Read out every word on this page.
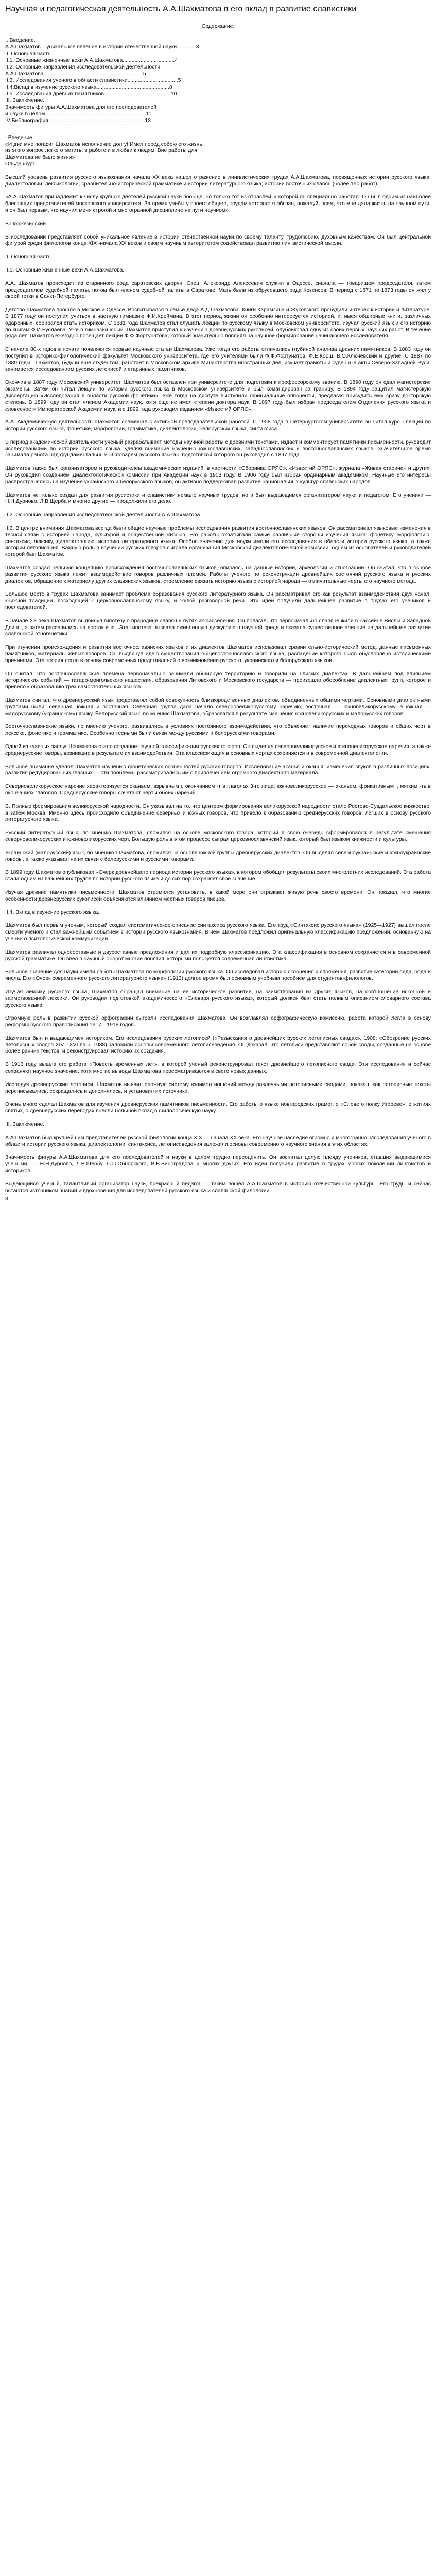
Научная и педагогическая деятельность А.А.Шахматова в его вклад в развитие славистики
Содержание.
I. Введение.
А.А.Шахматов – уникальное явление в истории отечественной науки.............3
II. Основная часть.
II.1. Основные жизненные вехи А.А.Шахматова...................................4
II.2. Основные направления исследовательской деятельности
А.А.Шахматова...................................................................5
II.3. Исследования ученого в области славистики..................................5
II.4.Вклад в изучение русского языка.................................................8
II.5. Исследования древних памятников.............................................10
III. Заключение.
Значимость фигуры А.А.Шахматова для его последователей
и науки в целом....................................................................11
IV Библиография.................................................................13
I.Введение.
«И дни мне погасит Шахматов исполнение долгу! Имел перед собою его жизнь,
из этого вопрос легко ответить: в работе и в любви к людям. Вне работы для
Шахматова не было жизни»
Ольденбург.

Высший уровень развития русского языкознания начала XX века нашел отражение в лингвистических трудах А.А.Шахматова, посвященных истории русского языка, диалектологии, лексикологии, сравнительно-исторической грамматике и истории литературного языка; истории восточных славян (более 150 работ).

«А.А.Шахматов принадлежит к числу крупных деятелей русской науки вообще, но только тот из отраслей, к которой он специально работал. Он был одним из наиболее блестящих представителей московского университета. За время учебы у своего общего, трудам которого я обязан, пожалуй, всем, что мне дала жизнь на научном пути, и он был первым, кто научил меня строгой и многогранной дисциплине на пути научном»

В.Поржезинский.

В исследовании представляет собой уникальное явление в истории отечественной науки по своему таланту, трудолюбию, духовным качествам. Он был центральной фигурой среди филологов конца XIX -начала XX веков и своим научным авторитетом содействовал развитию лингвистической мысли.

II. Основная часть.

II.1. Основные жизненные вехи А.А.Шахматова.

А.А. Шахматов происходит из старинного рода саратовских дворян. Отец, Александр Алексеевич служил в Одессе, сначала — товарищем председателя, затем председателем судебной палаты, потом был членом судебной палаты в Саратове. Мать была из обрусевшего рода Козенсов. В период с 1871 по 1873 годы он жил у своей тетки в Санкт-Петербурге.

Детство Шахматова прошло в Москве и Одессе. Воспитывался в семье деда А.Д.Шахматова. Книги Карамзина и Жуковского пробудили интерес к истории и литературе. В 1877 году он поступил учиться в частную гимназию Ф.И.Креймана. В этот период жизни он особенно интересуется историей, и, имея обширные книги, различных одарённых, собирался стать историком. С 1881 года Шахматов стал слушать лекции по русскому языку в Московском университете, изучал русский язык и его историю по книгам Ф.И.Буслаева. Уже в гимназии юный Шахматов приступил к изучению древнерусских рукописей, опубликовал одну из своих первых научных работ. В течение ряда лет Шахматов ежегодно посещает лекции Ф.Ф.Фортунатова, который значительно повлиял на научное формирование начинающего исследователя.

С начала 80-х годов в печати появляются первые научные статьи Шахматова. Уже тогда его работы отличались глубиной анализа древних памятников. В 1883 году он поступил в историко-филологический факультет Московского университета, где его учителями были Ф.Ф.Фортунатов, Ф.Е.Корш, В.О.Ключевский и другие. С 1887 по 1889 годы, Шахматов, будучи еще студентом, работает в Московском архиве Министерства иностранных дел, изучает грамоты и судебные акты Северо-Западной Руси, занимается исследованием русских летописей и старинных памятников.

Окончив в 1887 году Московский университет, Шахматов был оставлен при университете для подготовки к профессорскому званию. В 1890 году он сдал магистерские экзамены. Затем он читал лекции по истории русского языка в Московском университете и был командирован за границу. В 1894 году защитил магистерскую диссертацию «Исследования в области русской фонетики». Уже тогда на диспуте выступили официальные оппоненты, предлагая присудить ему сразу докторскую степень. В 1899 году он стал членом Академии наук, хотя еще не имел степени доктора наук. В 1897 году был избран председателем Отделения русского языка и словесности Императорской Академии наук, и с 1899 года руководил изданием «Известий ОРЯС».

А.А. Академическую деятельность Шахматов совмещал с активной преподавательской работой. С 1908 года в Петербургском университете он читал курсы лекций по истории русского языка, фонетике, морфологии, грамматике, диалектологии, белорусских языка, синтаксиса.

В период академической деятельности ученый разрабатывает методы научной работы с древними текстами, издает и комментирует памятники письменности, руководит исследованиями по истории русского языка, уделяя внимание изучению южнославянских, западнославянских и восточнославянских языков. Значительное время занимала работа над фундаментальным «Словарем русского языка», подготовкой которого он руководил с 1897 года.

Шахматов также был организатором и руководителем академических изданий, в частности «Сборника ОРЯС», «Известий ОРЯС», журнала «Живая старина» и других. Он руководил созданием Диалектологической комиссии при Академии наук в 1903 году. В 1906 году был избран ординарным академиком. Научные его интересы распространялись на изучение украинского и белорусского языков, он активно поддерживал развитие национальных культур славянских народов.

Шахматов не только создал для развития русистики и славистики немало научных трудов, но и был выдающимся организатором науки и педагогом. Его ученики — Н.Н.Дурново, Л.В.Щерба и многие другие — продолжили его дело.

II.2. Основные направления исследовательской деятельности А.А.Шахматова.

II.3. В центре внимания Шахматова всегда были общие научные проблемы исследования развития восточнославянских языков. Он рассматривал языковые изменения в тесной связи с историей народа, культурой и общественной жизнью. Его работы охватывали самые различные стороны изучения языка: фонетику, морфологию, синтаксис, лексику, диалектологию, историю литературного языка. Особое значение для науки имели его исследования в области истории русского языка, а также истории летописания. Важную роль в изучении русских говоров сыграла организация Московской диалектологической комиссии, одним из основателей и руководителей которой был Шахматов.

Шахматов создал цельную концепцию происхождения восточнославянских языков, опираясь на данные истории, археологии и этнографии. Он считал, что в основе развития русского языка лежит взаимодействие говоров различных племен. Работы ученого по реконструкции древнейших состояний русского языка и русских диалектов, обращение к материалу других славянских языков, стремление связать историю языка с историей народа — отличительные черты его научного метода.

Большое место в трудах Шахматова занимает проблема образования русского литературного языка. Он рассматривал его как результат взаимодействия двух начал: книжной традиции, восходящей к церковнославянскому языку, и живой разговорной речи. Эти идеи получили дальнейшее развитие в трудах его учеников и последователей.

В начале XX века Шахматов выдвинул гипотезу о прародине славян и путях их расселения. Он полагал, что первоначально славяне жили в бассейне Вислы и Западной Двины, а затем расселились на восток и юг. Эта гипотеза вызвала оживленную дискуссию в научной среде и оказала существенное влияние на дальнейшее развитие славянской этногенетики.

При изучении происхождения и развития восточнославянских языков и их диалектов Шахматов использовал сравнительно-исторический метод, данные письменных памятников, материалы живых говоров. Он выдвинул идею существования общевосточнославянского языка, распадение которого было обусловлено историческими причинами. Эта теория легла в основу современных представлений о возникновении русского, украинского и белорусского языков.

Он считал, что восточнославянские племена первоначально занимали обширную территорию и говорили на близких диалектах. В дальнейшем под влиянием исторических событий — татаро-монгольского нашествия, образования Литовского и Московского государств — произошло обособление диалектных групп, которое и привело к образованию трех самостоятельных языков.

Шахматов считал, что древнерусский язык представлял собой совокупность близкородственных диалектов, объединенных общими чертами. Основными диалектными группами были: северная, южная и восточная. Северная группа дала начало северновеликорусскому наречию, восточная — южновеликорусскому, а южная — малорусскому (украинскому) языку. Белорусский язык, по мнению Шахматова, образовался в результате смешения южновеликорусских и малорусских говоров.

Восточнославянские языки, по мнению ученого, развивались в условиях постоянного взаимодействия, что объясняет наличие переходных говоров и общих черт в лексике, фонетике и грамматике. Особенно тесными были связи между русскими и белорусскими говорами.

Одной из главных заслуг Шахматова стало создание научной классификации русских говоров. Он выделял северновеликорусское и южновеликорусское наречия, а также среднерусские говоры, возникшие в результате их взаимодействия. Эта классификация в основных чертах сохраняется и в современной диалектологии.

Большое внимание уделял Шахматов изучению фонетических особенностей русских говоров. Исследование аканья и оканья, изменения звуков в различных позициях, развития редуцированных гласных — эти проблемы рассматривались им с привлечением огромного диалектного материала.

Северновеликорусское наречие характеризуется оканьем, взрывным г, окончанием -т в глаголах 3-го лица; южновеликорусское — аканьем, фрикативным г, мягким -ть в окончаниях глаголов. Среднерусские говоры сочетают черты обоих наречий.

В. Полные формирования великорусской народности. Он указывал на то, что центром формирования великорусской народности стало Ростово-Суздальское княжество, а затем Москва. Именно здесь происходило объединение северных и южных говоров, что привело к образованию среднерусских говоров, легших в основу русского литературного языка.

Русский литературный язык, по мнению Шахматова, сложился на основе московского говора, который в свою очередь сформировался в результате смешения северновеликорусских и южновеликорусских черт. Большую роль в этом процессе сыграл церковнославянский язык, который был языком книжности и культуры.

Украинский (малорусский) язык, по мнению Шахматова, сложился на основе южной группы древнерусских диалектов. Он выделял северноукраинские и южноукраинские говоры, а также указывал на их связи с белорусскими и русскими говорами.

В 1899 году Шахматов опубликовал «Очерк древнейшего периода истории русского языка», в котором обобщил результаты своих многолетних исследований. Эта работа стала одним из важнейших трудов по истории русского языка и до сих пор сохраняет свое значение.

Изучая древние памятники письменности, Шахматов стремился установить, в какой мере они отражают живую речь своего времени. Он показал, что многие особенности древнерусских рукописей объясняются влиянием местных говоров писцов.

II.4. Вклад в изучение русского языка.

Шахматов был первым ученым, который создал систематическое описание синтаксиса русского языка. Его труд «Синтаксис русского языка» (1925—1927) вышел после смерти ученого и стал важнейшим событием в истории русского языкознания. В нем Шахматов предложил оригинальную классификацию предложений, основанную на учении о психологической коммуникации.

Шахматов различал односоставные и двусоставные предложения и дал их подробную классификацию. Эта классификация в основном сохраняется и в современной русской грамматике. Он ввел в научный оборот многие понятия, которыми пользуется современная лингвистика.

Большое значение для науки имели работы Шахматова по морфологии русского языка. Он исследовал историю склонения и спряжения, развитие категории вида, рода и числа. Его «Очерк современного русского литературного языка» (1913) долгое время был основным учебным пособием для студентов-филологов.

Изучая лексику русского языка, Шахматов обращал внимание на ее историческое развитие, на заимствования из других языков, на соотношение исконной и заимствованной лексики. Он руководил подготовкой академического «Словаря русского языка», который должен был стать полным описанием словарного состава русского языка.

Огромную роль в развитии русской орфографии сыграли исследования Шахматова. Он возглавлял орфографическую комиссию, работа которой легла в основу реформы русского правописания 1917—1918 годов.

Шахматов был и выдающимся историком. Его исследования русских летописей («Разыскания о древнейших русских летописных сводах», 1908; «Обозрение русских летописных сводов XIV—XVI вв.», 1938) заложили основы современного летописеведения. Он доказал, что летописи представляют собой своды, созданные на основе более ранних текстов, и реконструировал историю их создания.

В 1916 году вышла его работа «Повесть временных лет», в которой ученый реконструировал текст древнейшего летописного свода. Эти исследования и сейчас сохраняют научное значение, хотя многие выводы Шахматова пересматриваются в свете новых данных.

Исследуя древнерусские летописи, Шахматов выявил сложную систему взаимоотношений между различными летописными сводами, показал, как летописные тексты переписывались, сокращались и дополнялись, и установил их источники.

Очень много сделал Шахматов для изучения древнерусских памятников письменности. Его работы о языке новгородских грамот, о «Слове о полку Игореве», о житиях святых, о древнерусских переводах внесли большой вклад в филологическую науку.

III. Заключение.

А.А.Шахматов был крупнейшим представителем русской филологии конца XIX — начала XX века. Его научное наследие огромно и многогранно. Исследования ученого в области истории русского языка, диалектологии, синтаксиса, летописеведения заложили основы современного научного знания в этих областях.

Значимость фигуры А.А.Шахматова для его последователей и науки в целом трудно переоценить. Он воспитал целую плеяду учеников, ставших выдающимися учеными, — Н.Н.Дурново, Л.В.Щербу, С.П.Обнорского, В.В.Виноградова и многих других. Его идеи получили развитие в трудах многих поколений лингвистов и историков.

Выдающийся ученый, талантливый организатор науки, прекрасный педагог — таким вошел А.А.Шахматов в историю отечественной культуры. Его труды и сейчас остаются источником знаний и вдохновения для исследователей русского языка и славянской филологии.

3
